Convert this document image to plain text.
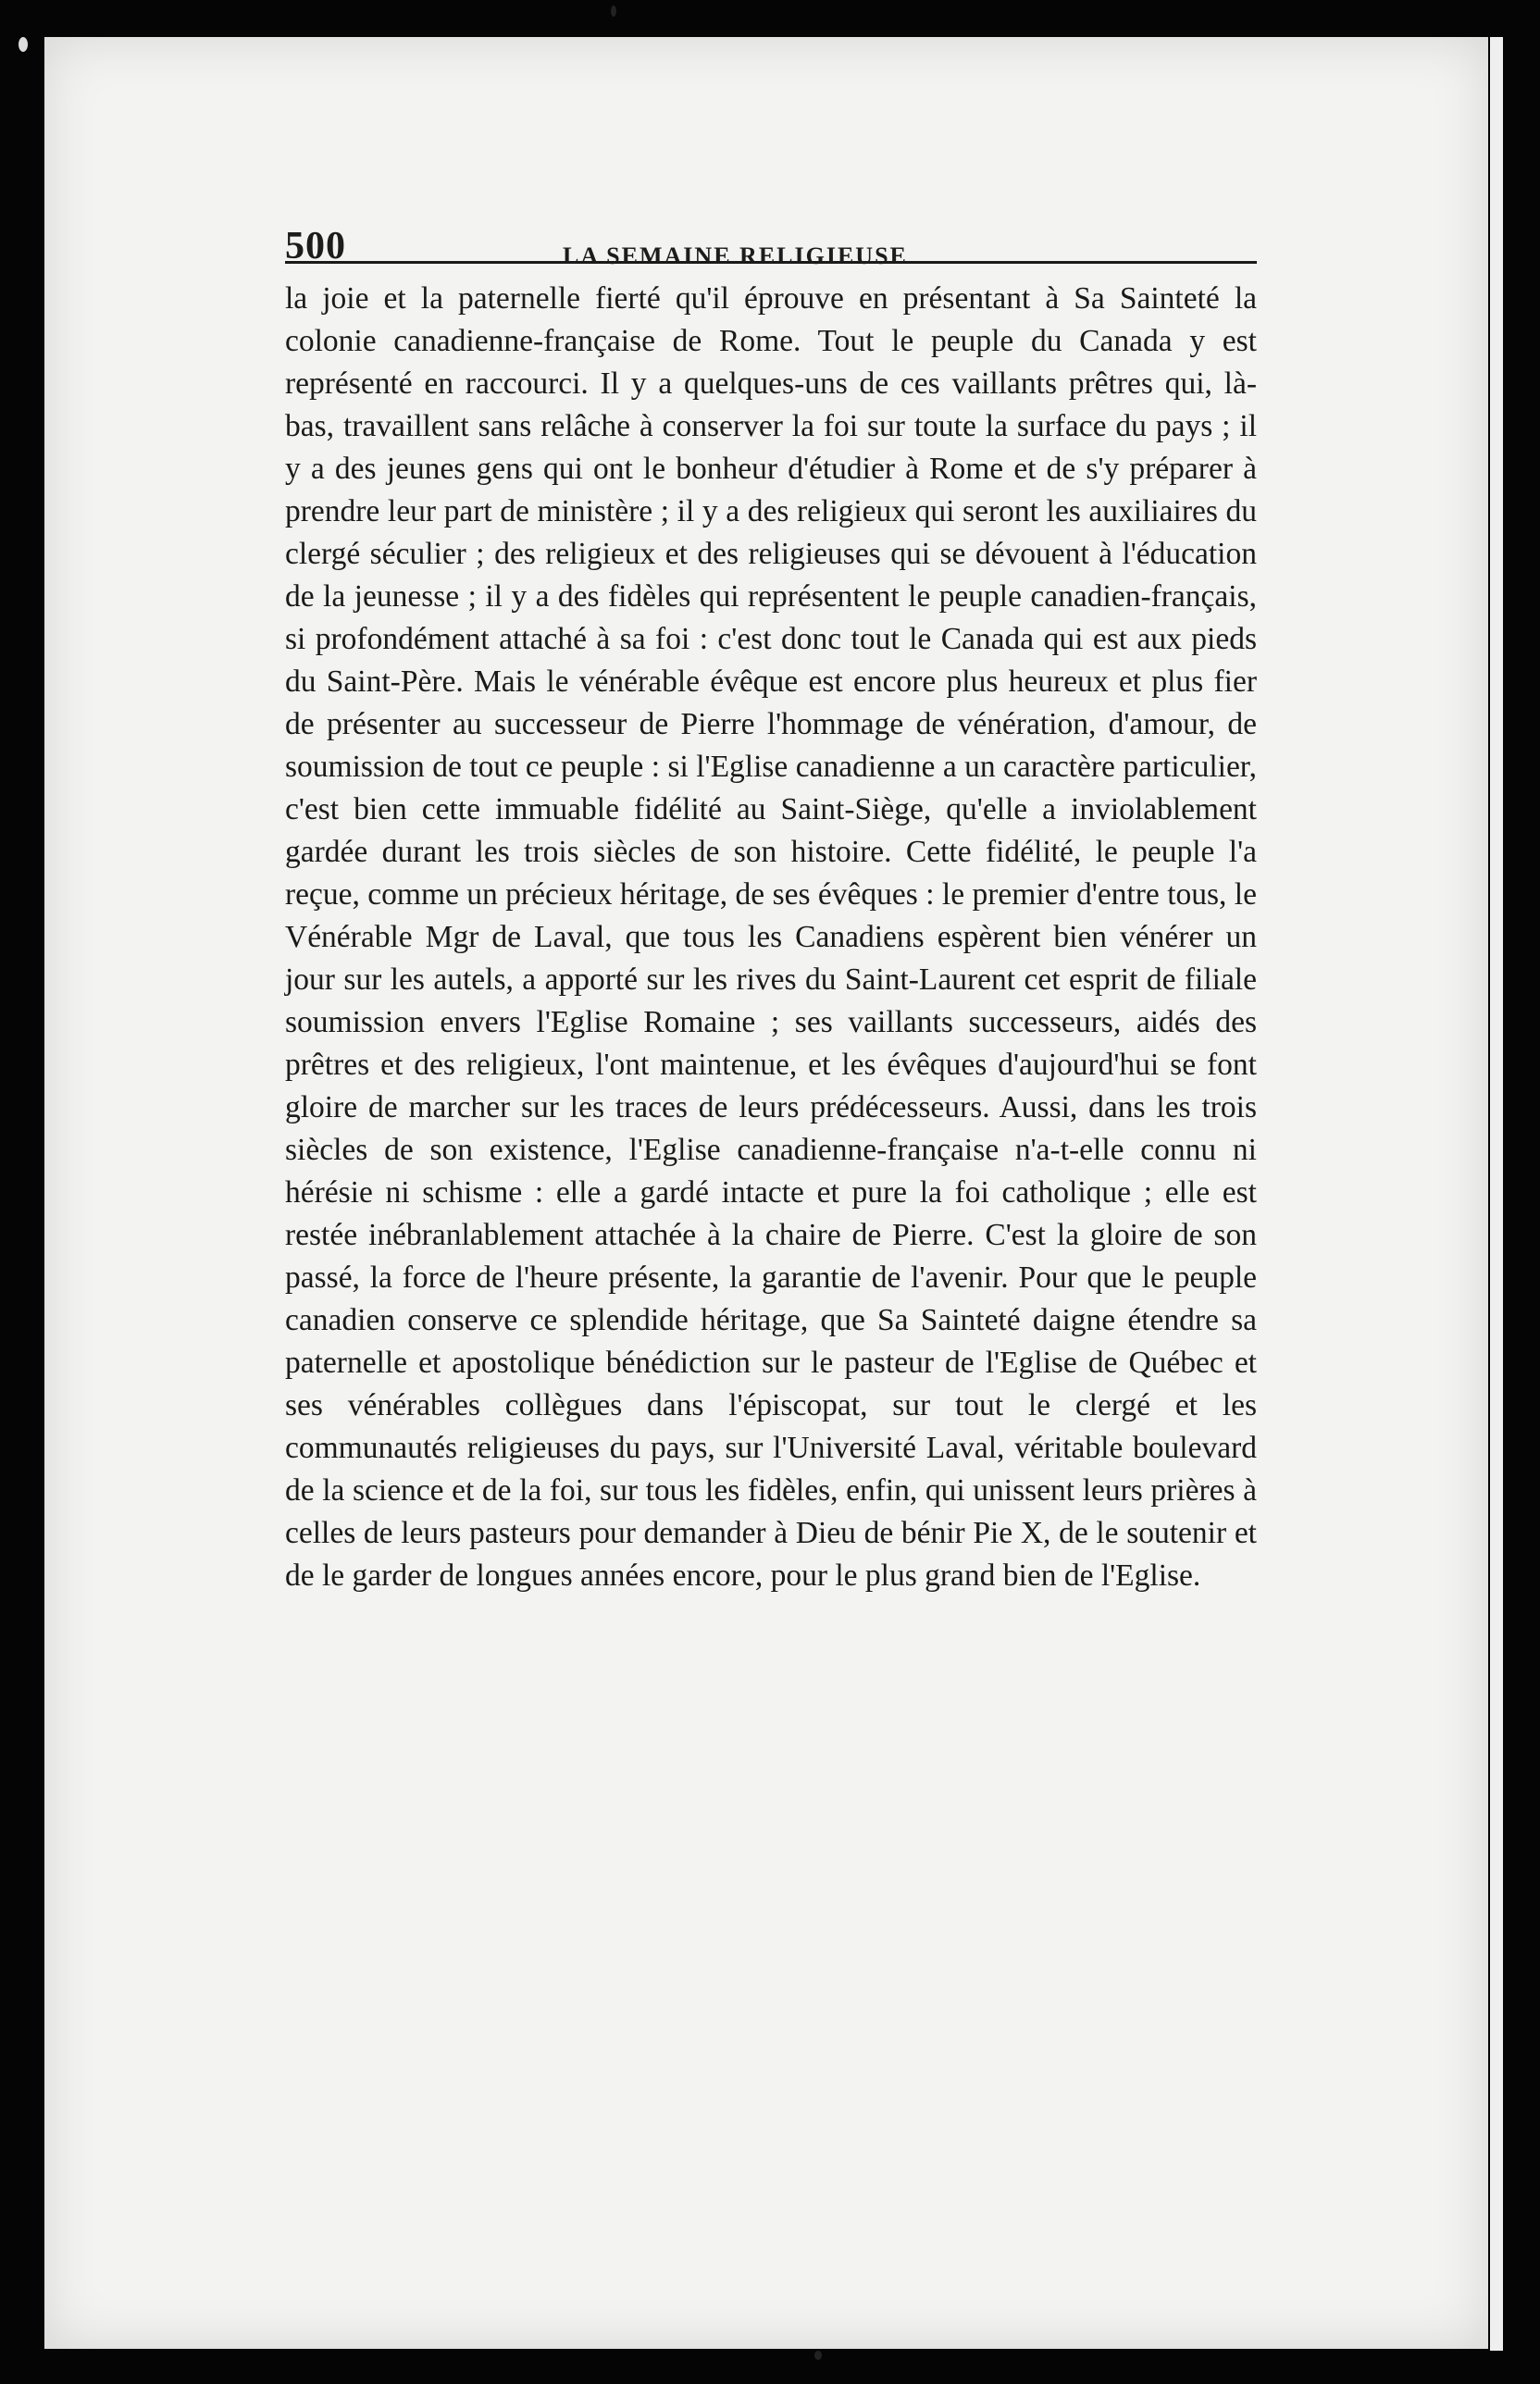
500	LA SEMAINE RELIGIEUSE

la joie et la paternelle fierté qu'il éprouve en présentant à Sa Sainteté la colonie canadienne-française de Rome. Tout le peuple du Canada y est représenté en raccourci. Il y a quelques-uns de ces vaillants prêtres qui, là-bas, travaillent sans relâche à conserver la foi sur toute la surface du pays ; il y a des jeunes gens qui ont le bonheur d'étudier à Rome et de s'y préparer à prendre leur part de ministère ; il y a des religieux qui seront les auxiliaires du clergé séculier ; des religieux et des religieuses qui se dévouent à l'éducation de la jeunesse ; il y a des fidèles qui représentent le peuple canadien-français, si profondément attaché à sa foi : c'est donc tout le Canada qui est aux pieds du Saint-Père. Mais le vénérable évêque est encore plus heureux et plus fier de présenter au successeur de Pierre l'hommage de vénération, d'amour, de soumission de tout ce peuple : si l'Eglise canadienne a un caractère particulier, c'est bien cette immuable fidélité au Saint-Siège, qu'elle a inviolablement gardée durant les trois siècles de son histoire. Cette fidélité, le peuple l'a reçue, comme un précieux héritage, de ses évêques : le premier d'entre tous, le Vénérable Mgr de Laval, que tous les Canadiens espèrent bien vénérer un jour sur les autels, a apporté sur les rives du Saint-Laurent cet esprit de filiale soumission envers l'Eglise Romaine ; ses vaillants successeurs, aidés des prêtres et des religieux, l'ont maintenue, et les évêques d'aujourd'hui se font gloire de marcher sur les traces de leurs prédécesseurs. Aussi, dans les trois siècles de son existence, l'Eglise canadienne-française n'a-t-elle connu ni hérésie ni schisme : elle a gardé intacte et pure la foi catholique ; elle est restée inébranlablement attachée à la chaire de Pierre. C'est la gloire de son passé, la force de l'heure présente, la garantie de l'avenir. Pour que le peuple canadien conserve ce splendide héritage, que Sa Sainteté daigne étendre sa paternelle et apostolique bénédiction sur le pasteur de l'Eglise de Québec et ses vénérables collègues dans l'épiscopat, sur tout le clergé et les communautés religieuses du pays, sur l'Université Laval, véritable boulevard de la science et de la foi, sur tous les fidèles, enfin, qui unissent leurs prières à celles de leurs pasteurs pour demander à Dieu de bénir Pie X, de le soutenir et de le garder de longues années encore, pour le plus grand bien de l'Eglise.
